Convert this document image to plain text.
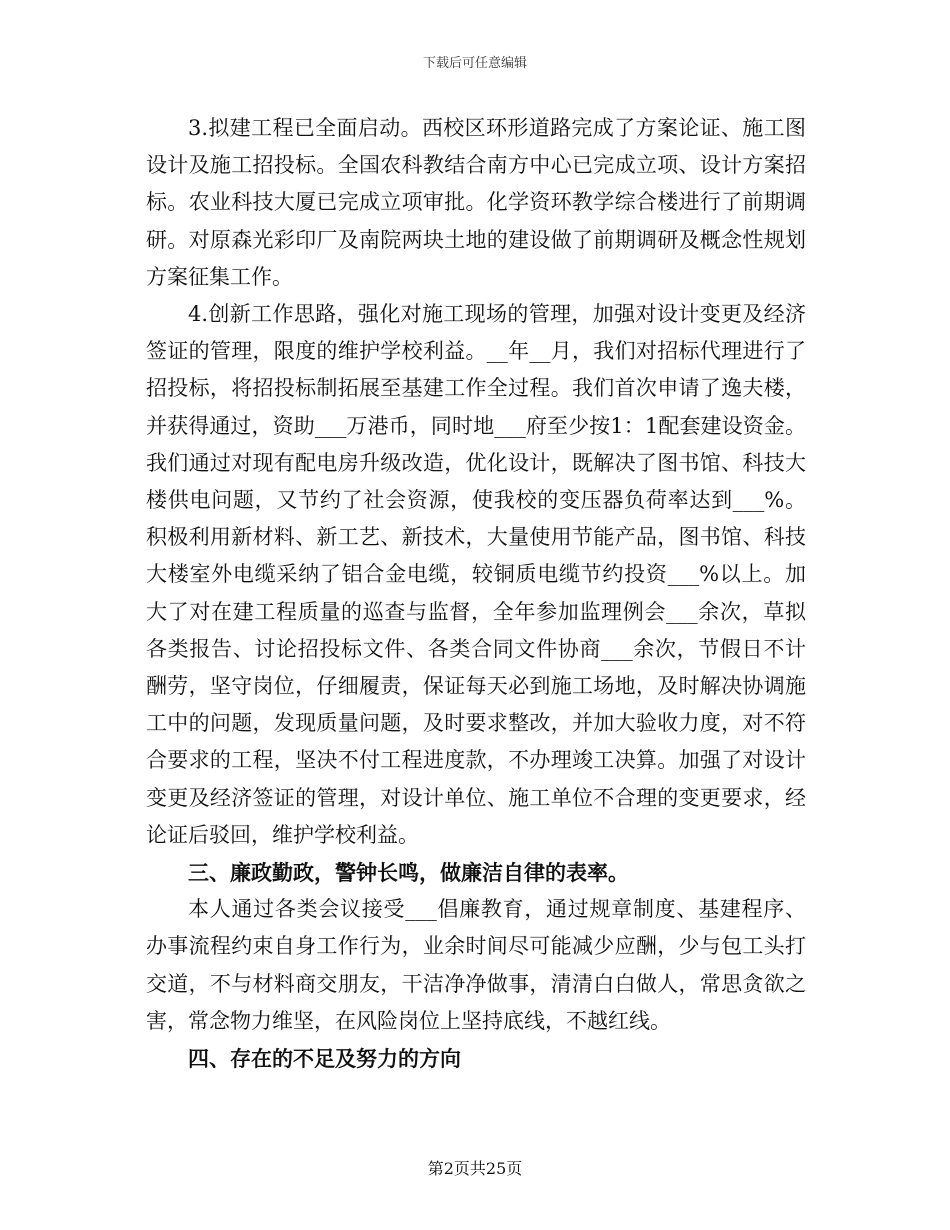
下载后可任意编辑

3.拟建工程已全面启动。西校区环形道路完成了方案论证、施工图设计及施工招投标。全国农科教结合南方中心已完成立项、设计方案招标。农业科技大厦已完成立项审批。化学资环教学综合楼进行了前期调研。对原森光彩印厂及南院两块土地的建设做了前期调研及概念性规划方案征集工作。

4.创新工作思路，强化对施工现场的管理，加强对设计变更及经济签证的管理，限度的维护学校利益。__年__月，我们对招标代理进行了招投标，将招投标制拓展至基建工作全过程。我们首次申请了逸夫楼，并获得通过，资助___万港币，同时地___府至少按1：1配套建设资金。我们通过对现有配电房升级改造，优化设计，既解决了图书馆、科技大楼供电问题，又节约了社会资源，使我校的变压器负荷率达到___%。积极利用新材料、新工艺、新技术，大量使用节能产品，图书馆、科技大楼室外电缆采纳了铝合金电缆，较铜质电缆节约投资___%以上。加大了对在建工程质量的巡查与监督，全年参加监理例会___余次，草拟各类报告、讨论招投标文件、各类合同文件协商___余次，节假日不计酬劳，坚守岗位，仔细履责，保证每天必到施工场地，及时解决协调施工中的问题，发现质量问题，及时要求整改，并加大验收力度，对不符合要求的工程，坚决不付工程进度款，不办理竣工决算。加强了对设计变更及经济签证的管理，对设计单位、施工单位不合理的变更要求，经论证后驳回，维护学校利益。

三、廉政勤政，警钟长鸣，做廉洁自律的表率。

本人通过各类会议接受___倡廉教育，通过规章制度、基建程序、办事流程约束自身工作行为，业余时间尽可能减少应酬，少与包工头打交道，不与材料商交朋友，干洁净净做事，清清白白做人，常思贪欲之害，常念物力维坚，在风险岗位上坚持底线，不越红线。

四、存在的不足及努力的方向

第2页共25页
